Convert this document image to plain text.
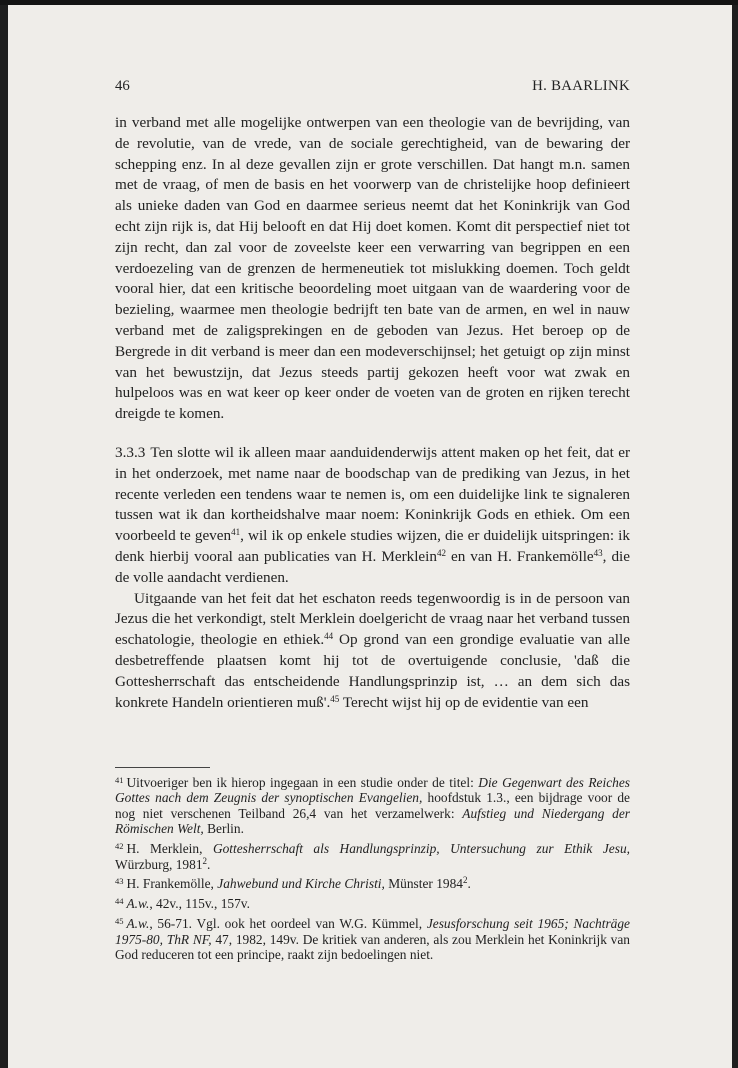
46	H. BAARLINK

in verband met alle mogelijke ontwerpen van een theologie van de bevrijding, van de revolutie, van de vrede, van de sociale gerechtigheid, van de bewaring der schepping enz. In al deze gevallen zijn er grote verschillen. Dat hangt m.n. samen met de vraag, of men de basis en het voorwerp van de christelijke hoop definieert als unieke daden van God en daarmee serieus neemt dat het Koninkrijk van God echt zijn rijk is, dat Hij belooft en dat Hij doet komen. Komt dit perspectief niet tot zijn recht, dan zal voor de zoveelste keer een verwarring van begrippen en een verdoezeling van de grenzen de hermeneutiek tot mislukking doemen. Toch geldt vooral hier, dat een kritische beoordeling moet uitgaan van de waardering voor de bezieling, waarmee men theologie bedrijft ten bate van de armen, en wel in nauw verband met de zaligsprekingen en de geboden van Jezus. Het beroep op de Bergrede in dit verband is meer dan een modeverschijnsel; het getuigt op zijn minst van het bewustzijn, dat Jezus steeds partij gekozen heeft voor wat zwak en hulpeloos was en wat keer op keer onder de voeten van de groten en rijken terecht dreigde te komen.

3.3.3 Ten slotte wil ik alleen maar aanduidenderwijs attent maken op het feit, dat er in het onderzoek, met name naar de boodschap van de prediking van Jezus, in het recente verleden een tendens waar te nemen is, om een duidelijke link te signaleren tussen wat ik dan kortheidshalve maar noem: Koninkrijk Gods en ethiek. Om een voorbeeld te geven$^{41}$, wil ik op enkele studies wijzen, die er duidelijk uitspringen: ik denk hierbij vooral aan publicaties van H. Merklein$^{42}$ en van H. Frankemölle$^{43}$, die de volle aandacht verdienen.

Uitgaande van het feit dat het eschaton reeds tegenwoordig is in de persoon van Jezus die het verkondigt, stelt Merklein doelgericht de vraag naar het verband tussen eschatologie, theologie en ethiek.$^{44}$ Op grond van een grondige evaluatie van alle desbetreffende plaatsen komt hij tot de overtuigende conclusie, 'daß die Gottesherrschaft das entscheidende Handlungsprinzip ist, … an dem sich das konkrete Handeln orientieren muß'.$^{45}$ Terecht wijst hij op de evidentie van een

$^{41}$ Uitvoeriger ben ik hierop ingegaan in een studie onder de titel: Die Gegenwart des Reiches Gottes nach dem Zeugnis der synoptischen Evangelien, hoofdstuk 1.3., een bijdrage voor de nog niet verschenen Teilband 26,4 van het verzamelwerk: Aufstieg und Niedergang der Römischen Welt, Berlin.

$^{42}$ H. Merklein, Gottesherrschaft als Handlungsprinzip, Untersuchung zur Ethik Jesu, Würzburg, 1981$^2$.

$^{43}$ H. Frankemölle, Jahwebund und Kirche Christi, Münster 1984$^2$.

$^{44}$ A.w., 42v., 115v., 157v.

$^{45}$ A.w., 56-71. Vgl. ook het oordeel van W.G. Kümmel, Jesusforschung seit 1965; Nachträge 1975-80, ThR NF, 47, 1982, 149v. De kritiek van anderen, als zou Merklein het Koninkrijk van God reduceren tot een principe, raakt zijn bedoelingen niet.
